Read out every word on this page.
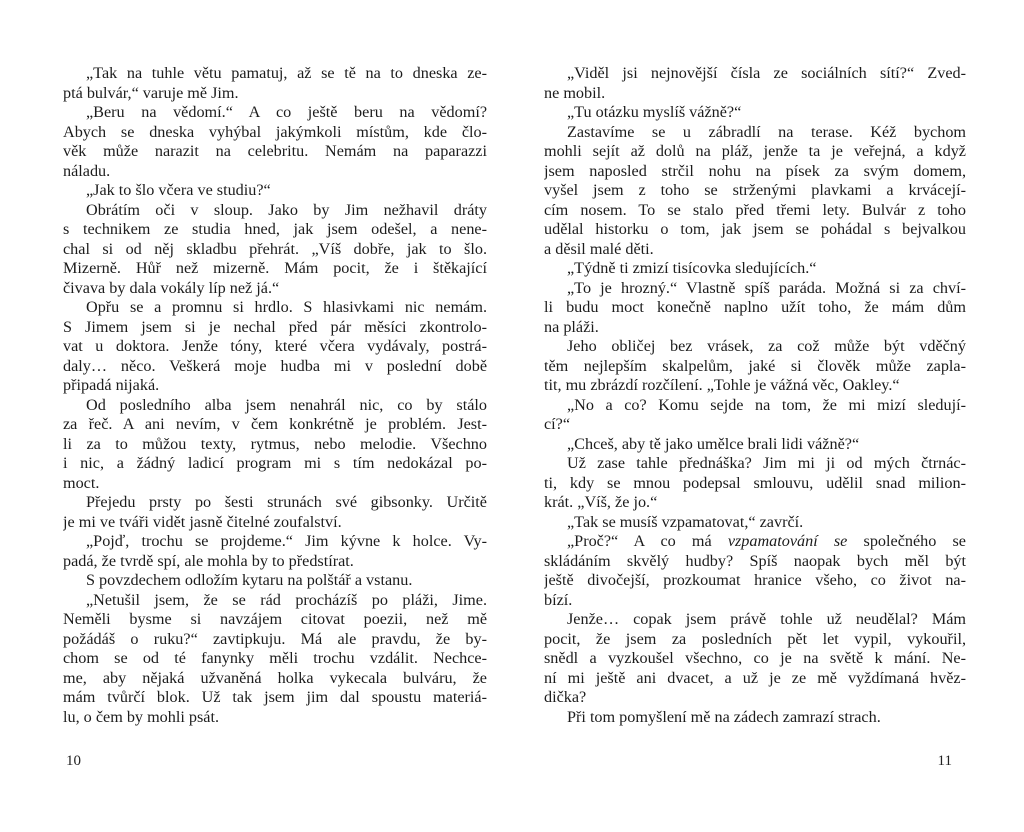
„Tak na tuhle větu pamatuj, až se tě na to dneska ze-
ptá bulvár,“ varuje mě Jim.
„Beru na vědomí.“ A co ještě beru na vědomí?
Abych se dneska vyhýbal jakýmkoli místům, kde člo-
věk může narazit na celebritu. Nemám na paparazzi
náladu.
„Jak to šlo včera ve studiu?“
Obrátím oči v sloup. Jako by Jim nežhavil dráty
s technikem ze studia hned, jak jsem odešel, a nene-
chal si od něj skladbu přehrát. „Víš dobře, jak to šlo.
Mizerně. Hůř než mizerně. Mám pocit, že i štěkající
čivava by dala vokály líp než já.“
Opřu se a promnu si hrdlo. S hlasivkami nic nemám.
S Jimem jsem si je nechal před pár měsíci zkontrolo-
vat u doktora. Jenže tóny, které včera vydávaly, postrá-
daly… něco. Veškerá moje hudba mi v poslední době
připadá nijaká.
Od posledního alba jsem nenahrál nic, co by stálo
za řeč. A ani nevím, v čem konkrétně je problém. Jest-
li za to můžou texty, rytmus, nebo melodie. Všechno
i nic, a žádný ladicí program mi s tím nedokázal po-
moct.
Přejedu prsty po šesti strunách své gibsonky. Určitě
je mi ve tváři vidět jasně čitelné zoufalství.
„Pojď, trochu se projdeme.“ Jim kývne k holce. Vy-
padá, že tvrdě spí, ale mohla by to předstírat.
S povzdechem odložím kytaru na polštář a vstanu.
„Netušil jsem, že se rád procházíš po pláži, Jime.
Neměli bysme si navzájem citovat poezii, než mě
požádáš o ruku?“ zavtipkuju. Má ale pravdu, že by-
chom se od té fanynky měli trochu vzdálit. Nechce-
me, aby nějaká užvaněná holka vykecala bulváru, že
mám tvůrčí blok. Už tak jsem jim dal spoustu materiá-
lu, o čem by mohli psát.
„Viděl jsi nejnovější čísla ze sociálních sítí?“ Zved-
ne mobil.
„Tu otázku myslíš vážně?“
Zastavíme se u zábradlí na terase. Kéž bychom
mohli sejít až dolů na pláž, jenže ta je veřejná, a když
jsem naposled strčil nohu na písek za svým domem,
vyšel jsem z toho se strženými plavkami a krvácejí-
cím nosem. To se stalo před třemi lety. Bulvár z toho
udělal historku o tom, jak jsem se pohádal s bejvalkou
a děsil malé děti.
„Týdně ti zmizí tisícovka sledujících.“
„To je hrozný.“ Vlastně spíš paráda. Možná si za chví-
li budu moct konečně naplno užít toho, že mám dům
na pláži.
Jeho obličej bez vrásek, za což může být vděčný
těm nejlepším skalpelům, jaké si člověk může zapla-
tit, mu zbrázdí rozčílení. „Tohle je vážná věc, Oakley.“
„No a co? Komu sejde na tom, že mi mizí sledují-
cí?“
„Chceš, aby tě jako umělce brali lidi vážně?“
Už zase tahle přednáška? Jim mi ji od mých čtrnác-
ti, kdy se mnou podepsal smlouvu, udělil snad milion-
krát. „Víš, že jo.“
„Tak se musíš vzpamatovat,“ zavrčí.
„Proč?“ A co má vzpamatování se společného se
skládáním skvělý hudby? Spíš naopak bych měl být
ještě divočejší, prozkoumat hranice všeho, co život na-
bízí.
Jenže… copak jsem právě tohle už neudělal? Mám
pocit, že jsem za posledních pět let vypil, vykouřil,
snědl a vyzkoušel všechno, co je na světě k mání. Ne-
ní mi ještě ani dvacet, a už je ze mě vyždímaná hvěz-
dička?
Při tom pomyšlení mě na zádech zamrazí strach.
10	11
